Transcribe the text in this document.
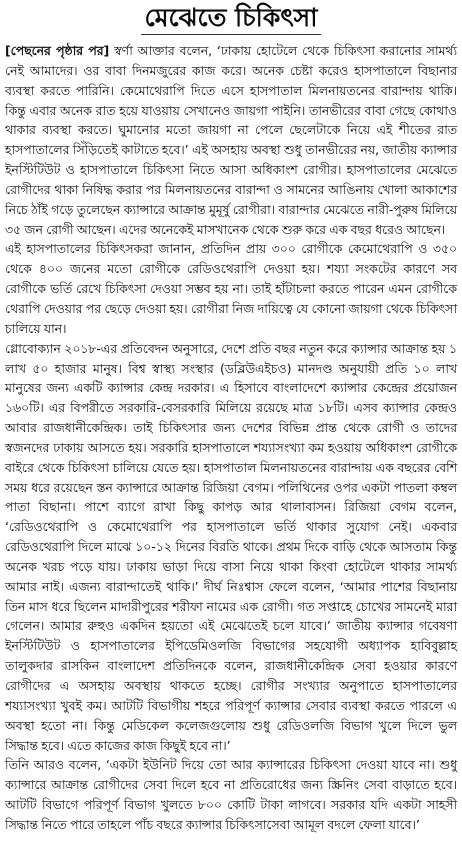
মেঝেতে চিকিৎসা

[পেছনের পৃষ্ঠার পর] স্বর্ণা আক্তার বলেন, ‘ঢাকায় হোটেলে থেকে চিকিৎসা করানোর সামর্থ্য নেই আমাদের। ওর বাবা দিনমজুরের কাজ করে। অনেক চেষ্টা করেও হাসপাতালে বিছানার ব্যবস্থা করতে পারিনি। কেমোথেরাপি দিতে এসে হাসপাতাল মিলনায়তনের বারান্দায় থাকি। কিন্তু এবার অনেক রাত হয়ে যাওয়ায় সেখানেও জায়গা পাইনি। তানভীরের বাবা গেছে কোথাও থাকার ব্যবস্থা করতে। ঘুমানোর মতো জায়গা না পেলে ছেলেটাকে নিয়ে এই শীতের রাত হাসপাতালের সিঁড়িতেই কাটাতে হবে।’ এই অসহায় অবস্থা শুধু তানভীরের নয়, জাতীয় ক্যান্সার ইনস্টিটিউট ও হাসপাতালে চিকিৎসা নিতে আসা অধিকাংশ রোগীর। হাসপাতালের মেঝেতে রোগীদের থাকা নিষিদ্ধ করার পর মিলনায়তনের বারান্দা ও সামনের আঙিনায় খোলা আকাশের নিচে ঠাঁই গড়ে তুলেছেন ক্যান্সারে আক্রান্ত মুমূর্ষু রোগীরা। বারান্দার মেঝেতে নারী-পুরুষ মিলিয়ে ৩৫ জন রোগী আছেন। এদের অনেকেই মাসখানেক থেকে শুরু করে এক বছর ধরেও আছেন।

এই হাসপাতালের চিকিৎসকরা জানান, প্রতিদিন প্রায় ৩০০ রোগীকে কেমোথেরাপি ও ৩৫০ থেকে ৪০০ জনের মতো রোগীকে রেডিওথেরাপি দেওয়া হয়। শয্যা সংকটের কারণে সব রোগীকে ভর্তি রেখে চিকিৎসা দেওয়া সম্ভব হয় না। তাই হাঁটাচলা করতে পারেন এমন রোগীকে থেরাপি দেওয়ার পর ছেড়ে দেওয়া হয়। রোগীরা নিজ দায়িত্বে যে কোনো জায়গা থেকে চিকিৎসা চালিয়ে যান।

গ্লোবোক্যান ২০১৮-এর প্রতিবেদন অনুসারে, দেশে প্রতি বছর নতুন করে ক্যান্সার আক্রান্ত হয় ১ লাখ ৫০ হাজার মানুষ। বিশ্ব স্বাস্থ্য সংস্থার (ডব্লিউএইচও) মানদণ্ড অনুযায়ী প্রতি ১০ লাখ মানুষের জন্য একটি ক্যান্সার কেন্দ্র দরকার। এ হিসাবে বাংলাদেশে ক্যান্সার কেন্দ্রের প্রয়োজন ১৬০টি। এর বিপরীতে সরকারি-বেসরকারি মিলিয়ে রয়েছে মাত্র ১৮টি। এসব ক্যান্সার কেন্দ্রও আবার রাজধানীকেন্দ্রিক। তাই চিকিৎসার জন্য দেশের বিভিন্ন প্রান্ত থেকে রোগী ও তাদের স্বজনদের ঢাকায় আসতে হয়। সরকারি হাসপাতালে শয্যাসংখ্যা কম হওয়ায় অধিকাংশ রোগীকে বাইরে থেকে চিকিৎসা চালিয়ে যেতে হয়। হাসপাতাল মিলনায়তনের বারান্দায় এক বছরের বেশি সময় ধরে রয়েছেন স্তন ক্যান্সারে আক্রান্ত রিজিয়া বেগম। পলিথিনের ওপর একটা পাতলা কম্বল পাতা বিছানা। পাশে ব্যাগে রাখা কিছু কাপড় আর থালাবাসন। রিজিয়া বেগম বলেন, ‘রেডিওথেরাপি ও কেমোথেরাপি পর হাসপাতালে ভর্তি থাকার সুযোগ নেই। একবার রেডিওথেরাপি দিলে মাঝে ১০-১২ দিনের বিরতি থাকে। প্রথম দিকে বাড়ি থেকে আসতাম কিন্তু অনেক খরচ পড়ে যায়। ঢাকায় ভাড়া দিয়ে বাসা নিয়ে থাকা কিংবা হোটেলে থাকার সামর্থ্য আমার নাই। এজন্য বারান্দাতেই থাকি।’ দীর্ঘ নিঃশ্বাস ফেলে বলেন, ‘আমার পাশের বিছানায় তিন মাস ধরে ছিলেন মাদারীপুরের শরীফা নামের এক রোগী। গত সপ্তাহে চোখের সামনেই মারা গেলেন। আমার রুহুও একদিন হয়তো এই মেঝেতেই চলে যাবে।’ জাতীয় ক্যান্সার গবেষণা ইনস্টিটিউট ও হাসপাতালের ইপিডেমিওলজি বিভাগের সহযোগী অধ্যাপক হাবিবুল্লাহ তালুকদার রাসকিন বাংলাদেশ প্রতিদিনকে বলেন, রাজধানীকেন্দ্রিক সেবা হওয়ার কারণে রোগীদের এ অসহায় অবস্থায় থাকতে হচ্ছে। রোগীর সংখ্যার অনুপাতে হাসপাতালের শয্যাসংখ্যা খুবই কম। আটটি বিভাগীয় শহরে পরিপূর্ণ ক্যান্সার সেবার ব্যবস্থা করতে পারলে এ অবস্থা হতো না। কিন্তু মেডিকেল কলেজগুলোয় শুধু রেডিওলজি বিভাগ খুলে দিলে ভুল সিদ্ধান্ত হবে। এতে কাজের কাজ কিছুই হবে না।’

তিনি আরও বলেন, ‘একটা ইউনিট দিয়ে তো আর ক্যান্সারের চিকিৎসা দেওয়া যাবে না। শুধু ক্যান্সারে আক্রান্ত রোগীদের সেবা দিলে হবে না প্রতিরোধের জন্য স্ক্রিনিং সেবা বাড়াতে হবে। আটটি বিভাগে পরিপূর্ণ বিভাগ খুলতে ৮০০ কোটি টাকা লাগবে। সরকার যদি একটা সাহসী সিদ্ধান্ত নিতে পারে তাহলে পাঁচ বছরে ক্যান্সার চিকিৎসাসেবা আমূল বদলে ফেলা যাবে।’
